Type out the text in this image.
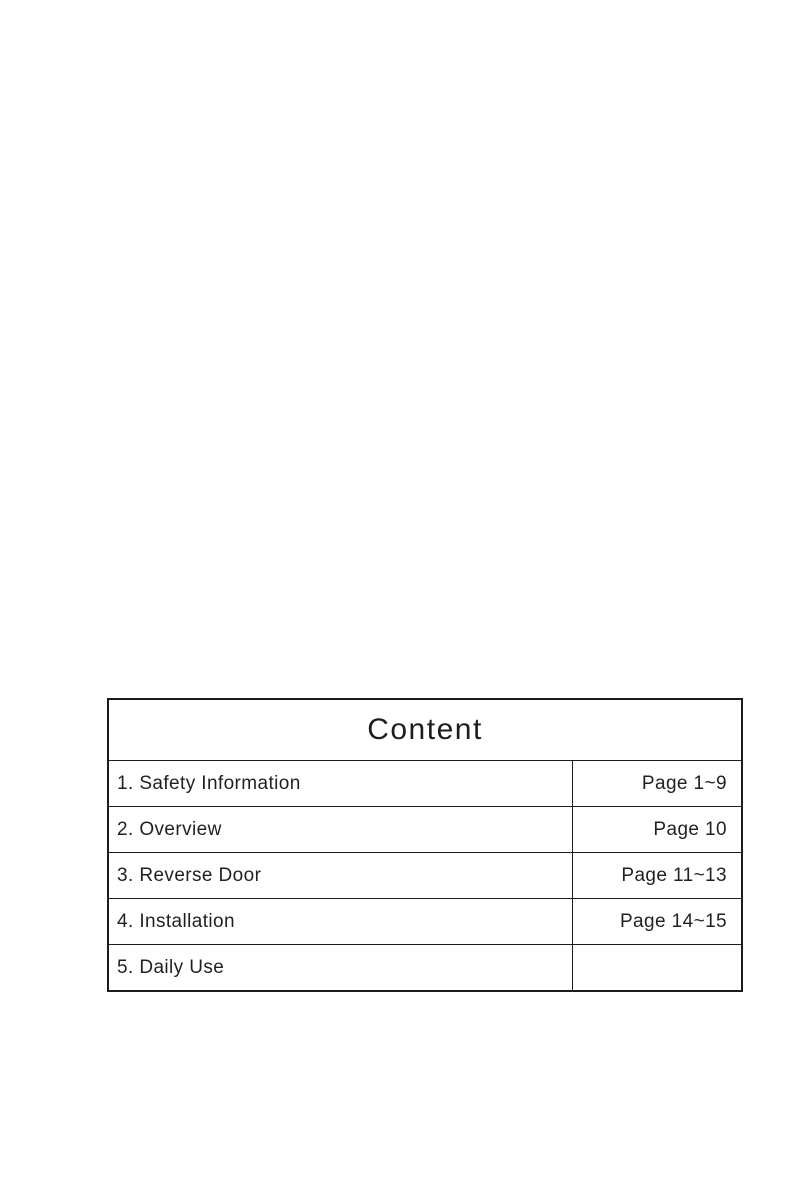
Content
1. Safety Information	Page 1~9
2. Overview	Page 10
3. Reverse Door	Page 11~13
4. Installation	Page 14~15
5. Daily Use
